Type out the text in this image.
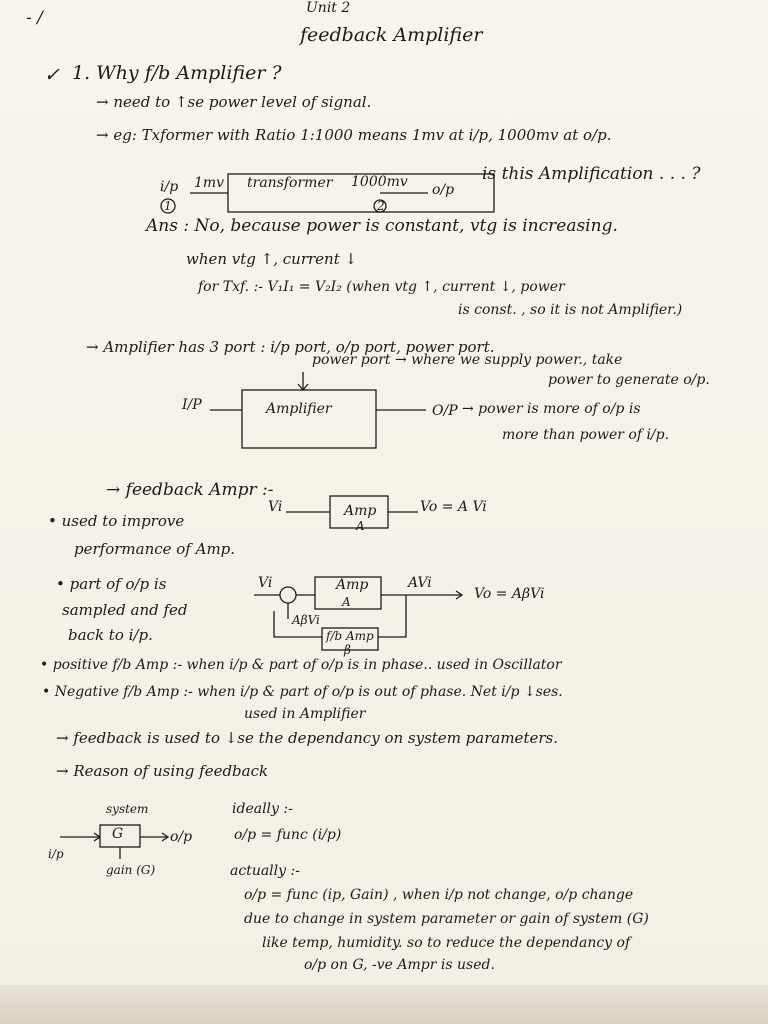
- /	Unit 2
feedback Amplifier
✓ 1. Why f/b Amplifier ?
→ need to ↑se power level of signal.
→ eg: Txformer with Ratio 1:1000 means 1mv at i/p, 1000mv at o/p.
i/p 1mv transformer 1000mv o/p
1	2
is this Amplification . . . ?
Ans : No, because power is constant, vtg is increasing.
when vtg ↑, current ↓
for Txf. :- V₁I₁ = V₂I₂ (when vtg ↑, current ↓, power
is const. , so it is not Amplifier.)
→ Amplifier has 3 port : i/p port, o/p port, power port.
power port → where we supply power., take
power to generate o/p.
I/P	Amplifier	O/P → power is more of o/p is
more than power of i/p.
→ feedback Ampr :-
• used to improve
performance of Amp.
• part of o/p is
sampled and fed
back to i/p.
Vi	Amp
A
Vo = A Vi
Vi	Amp
A
AVi
Vo = AβVi
AβVi
f/b Amp
β
• positive f/b Amp :- when i/p & part of o/p is in phase.. used in Oscillator
• Negative f/b Amp :- when i/p & part of o/p is out of phase. Net i/p ↓ses.
used in Amplifier
→ feedback is used to ↓se the dependancy on system parameters.
→ Reason of using feedback
system
G
i/p
o/p
gain (G)
ideally :-
o/p = func (i/p)
actually :-
o/p = func (ip, Gain) , when i/p not change, o/p change
due to change in system parameter or gain of system (G)
like temp, humidity. so to reduce the dependancy of
o/p on G, -ve Ampr is used.
